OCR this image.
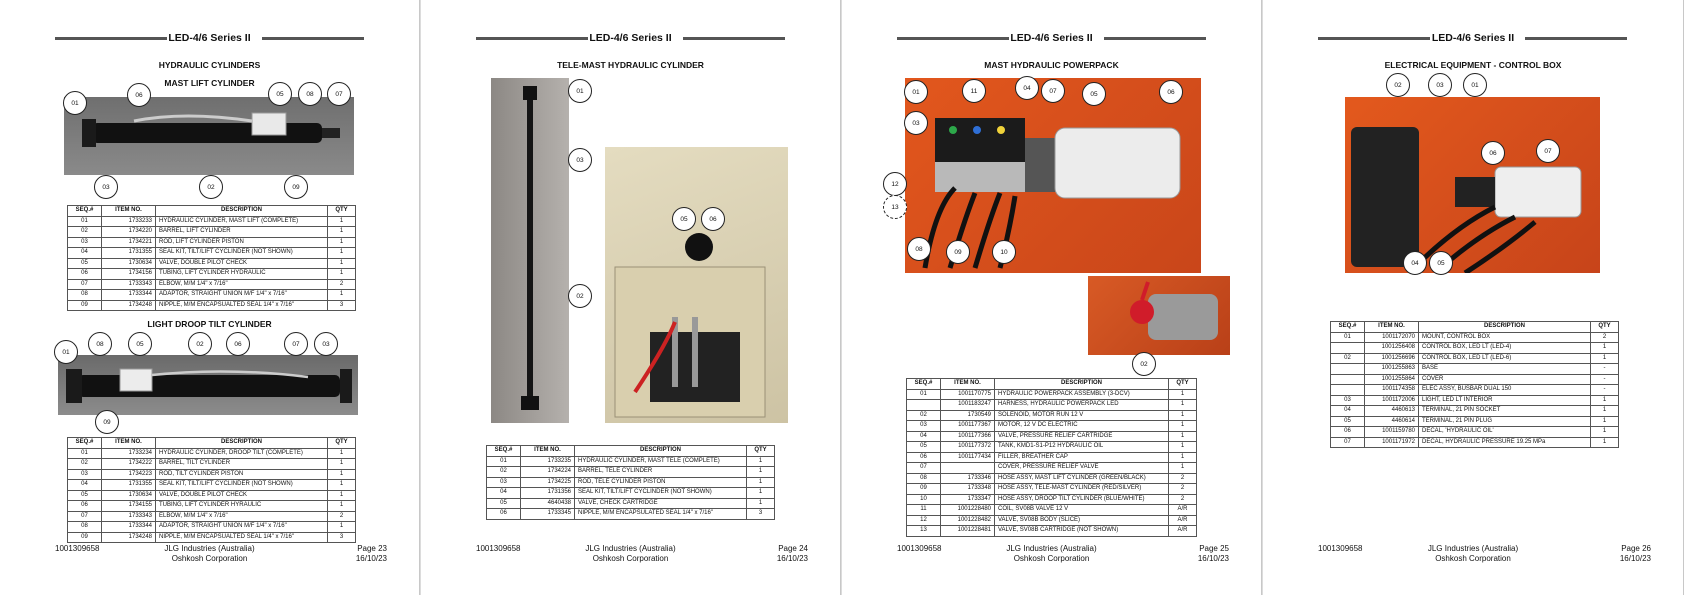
LED-4/6 Series II
HYDRAULIC CYLINDERS
MAST LIFT CYLINDER
01
06	05	08	07
03	02	09
SEQ.#	ITEM NO.	DESCRIPTION	QTY
01	1733233	HYDRAULIC CYLINDER, MAST LIFT (COMPLETE)	1
02	1734220	BARREL, LIFT CYLINDER	1
03	1734221	ROD, LIFT CYLINDER PISTON	1
04	1731355	SEAL KIT, TILT/LIFT CYCLINDER (NOT SHOWN)	1
05	1730634	VALVE, DOUBLE PILOT CHECK	1
06	1734156	TUBING, LIFT CYLINDER HYDRAULIC	1
07	1733343	ELBOW, M/M 1/4" x 7/16"	2
08	1733344	ADAPTOR, STRAIGHT UNION M/F 1/4" x 7/16"	1
09	1734248	NIPPLE, M/M ENCAPSUALTED SEAL 1/4" x 7/16"	3
LIGHT DROOP TILT CYLINDER
01
08	05	02	06	07	03
09
SEQ.#	ITEM NO.	DESCRIPTION	QTY
01	1733234	HYDRAULIC CYLINDER, DROOP TILT (COMPLETE)	1
02	1734222	BARREL, TILT CYLINDER	1
03	1734223	ROD, TILT CYLINDER PISTON	1
04	1731355	SEAL KIT, TILT/LIFT CYCLINDER (NOT SHOWN)	1
05	1730634	VALVE, DOUBLE PILOT CHECK	1
06	1734155	TUBING, LIFT CYLINDER HYRAULIC	1
07	1733343	ELBOW, M/M 1/4" x 7/16"	2
08	1733344	ADAPTOR, STRAIGHT UNION M/F 1/4" x 7/16"	1
09	1734248	NIPPLE, M/M ENCAPSUALTED SEAL 1/4" x 7/16"	3
1001309658	JLG Industries (Australia)
Oshkosh Corporation
Page 23
16/10/23
LED-4/6 Series II
TELE-MAST HYDRAULIC CYLINDER
01
03
02
05	06
SEQ.#	ITEM NO.	DESCRIPTION	QTY
01	1733235	HYDRAULIC CYLINDER, MAST TELE (COMPLETE)	1
02	1734224	BARREL, TELE CYLINDER	1
03	1734225	ROD, TELE CYLINDER PISTON	1
04	1731356	SEAL KIT, TILT/LIFT CYCLINDER (NOT SHOWN)	1
05	4640438	VALVE, CHECK CARTRIDGE	1
06	1733345	NIPPLE, M/M ENCAPSULATED SEAL 1/4" x 7/16"	3
1001309658	JLG Industries (Australia)
Oshkosh Corporation
Page 24
16/10/23
LED-4/6 Series II
MAST HYDRAULIC POWERPACK
01	11	04	07	05	06
03
12
13
08	09	10
02
SEQ.#	ITEM NO.	DESCRIPTION	QTY
01	1001170775	HYDRAULIC POWERPACK ASSEMBLY (3-DCV)	1
	1001183247	HARNESS, HYDRAULIC POWERPACK LED	1
02	1730549	SOLENOID, MOTOR RUN 12 V	1
03	1001177367	MOTOR, 12 V DC ELECTRIC	1
04	1001177366	VALVE, PRESSURE RELIEF CARTRIDGE	1
05	1001177372	TANK, KMD1-S1-P12 HYDRAULIC OIL	1
06	1001177434	FILLER, BREATHER CAP	1
07		COVER, PRESSURE RELIEF VALVE	1
08	1733346	HOSE ASSY, MAST LIFT CYLINDER (GREEN/BLACK)	2
09	1733348	HOSE ASSY, TELE-MAST CYLINDER (RED/SILVER)	2
10	1733347	HOSE ASSY, DROOP TILT CYLINDER (BLUE/WHITE)	2
11	1001228480	COIL, SV08B VALVE 12 V	A/R
12	1001228482	VALVE, SV08B BODY (SLICE)	A/R
13	1001228481	VALVE, SV08B CARTRIDGE (NOT SHOWN)	A/R
1001309658	JLG Industries (Australia)
Oshkosh Corporation
Page 25
16/10/23
LED-4/6 Series II
ELECTRICAL EQUIPMENT - CONTROL BOX
02	03	01
06	07
04	05
SEQ.#	ITEM NO.	DESCRIPTION	QTY
01	1001172070	MOUNT, CONTROL BOX	2
	1001256408	CONTROL BOX, LED LT (LED-4)	1
02	1001256696	CONTROL BOX, LED LT (LED-6)	1
	1001255863	BASE	-
	1001255864	COVER	-
	1001174358	ELEC ASSY, BUSBAR DUAL 150	-
03	1001172006	LIGHT, LED LT INTERIOR	1
04	4460613	TERMINAL, 21 PIN SOCKET	1
05	4460614	TERMINAL, 21 PIN PLUG	1
06	1001159780	DECAL, 'HYDRAULIC OIL'	1
07	1001171972	DECAL, HYDRAULIC PRESSURE 19.25 MPa	1
1001309658	JLG Industries (Australia)
Oshkosh Corporation
Page 26
16/10/23
